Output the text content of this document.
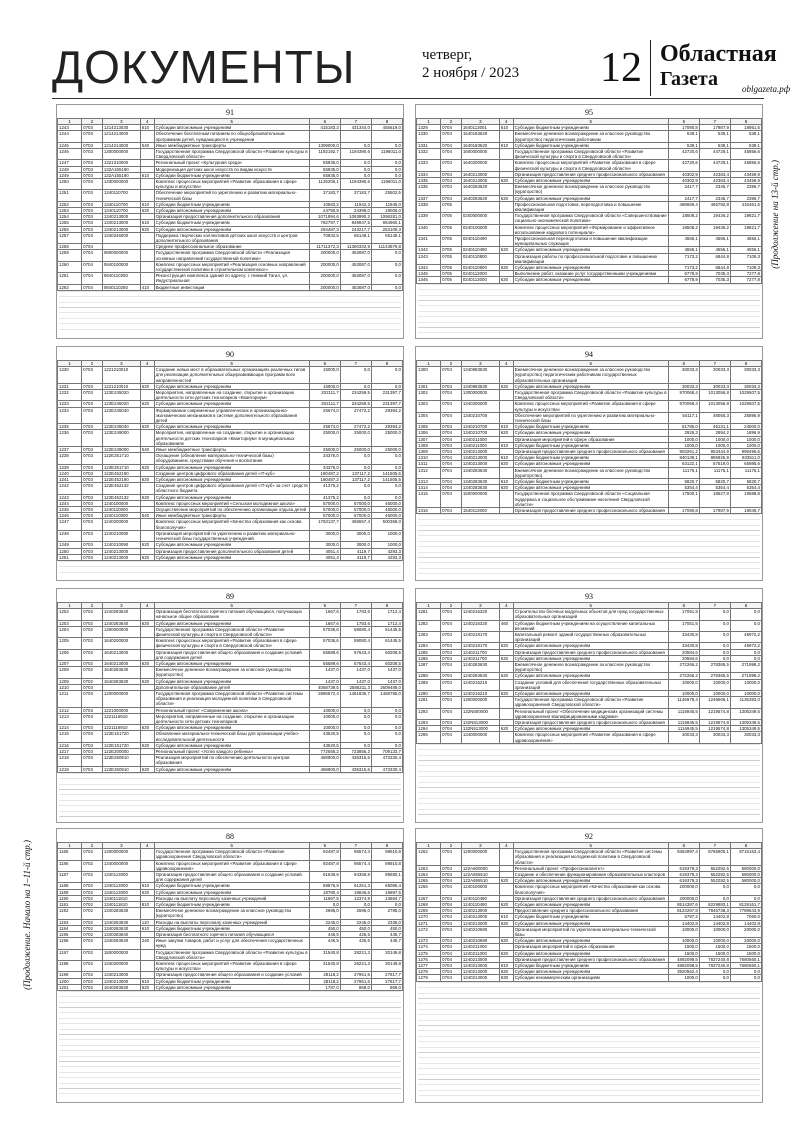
ДОКУМЕНТЫ	четверг,
2 ноября / 2023 12 Областная
Газета	oblgazeta.рф
(Продолжение на 13-й стр.)
(Продолжение. Начало на 1–11-й стр.)
91
1	2	3	4	5	6	7	8
1243	0703	1214213030	610	Субсидии автономным учреждениям	415183,3	431344,0	455619,0
1244	0703	1214214000		Обеспечение бесплатным питанием по общеобразовательным программам детей, нуждающихся в учреждении			
1245	0703	1214214000	540	Иные межбюджетные трансферты	1309000,0	0,0	0,0
1246	0703	1300000000		Государственная программа Свердловской области «Развитие культуры в Свердловской области»	1182192,7	1194390,6	1196011,0
1247	0703	1321310000		Региональный проект «Культурная среда»	55935,0	0,0	0,0
1248	0703	132A155190		Модернизация детских школ искусств по видам искусств	55935,0	0,0	0,0
1249	0703	132A155190	610	Субсидии бюджетным учреждениям	55935,0	0,0	0,0
1250	0703	1330000000		Комплекс процессных мероприятий «Развитие образования в сфере культуры и искусства»	1125206,1	1194390,6	1196011,0
1251	0703	1340110700		Обеспечение мероприятий по укреплению и развитию материально-технической базы	37183,7	37183,7	25502,5
1252	0703	1340110700	610	Субсидии бюджетным учреждениям	10583,2	11942,3	11945,0
1253	0703	1340110700	620	Субсидии автономным учреждениям	24790,9	24398,0	18006,0
1254	0703	1340213000		Организация предоставления дополнительного образования	1071994,6	1093990,2	1098281,0
1255	0703	1340213000	610	Субсидии бюджетным учреждениям	782797,7	849947,5	854960,1
1256	0703	1340213000	620	Субсидии автономным учреждениям	294487,3	243217,7	253109,3
1257	0703	1340246000		Поддержка творческих коллективов детских школ искусств и центров дополнительного образования	70832,5	65148,1	65148,1
1258	0704			Среднее профессиональное образование	11711372,3	11360332,9	11143879,8
1259	0704	0800000000		Государственная программа Свердловской области «Реализация основных направлений государственной политики»	200000,0	453087,0	0,0
1260	0704	0840100000		Комплекс процессных мероприятий «Реализация основных направлений государственной политики в строительном комплексе»	200000,0	453087,0	0,0
1261	0704	0840110250		Реконструкция комплекса зданий по адресу: г. Нижний Тагил, ул. Индустриальная	200000,0	453087,0	0,0
1262	0704	0840110250	410	Бюджетные инвестиции	200000,0	453087,0	0,0
95
1	2	3	4	5	6	7	8
1329	0704	1640113001	610	Субсидии бюджетным учреждениям	17090,8	17987,9	18951,5
1330	0704	1540183620		Ежемесячное денежное вознаграждение за классное руководство (кураторство) педагогическим работникам	539,1	539,1	539,1
1331	0704	1540183620	610	Субсидии бюджетным учреждениям	539,1	539,1	539,1
1332	0704	1600000000		Государственная программа Свердловской области «Развитие физической культуры и спорта в Свердловской области»	42720,6	44729,1	45856,6
1333	0704	1640200000		Комплекс процессных мероприятий «Развитие образования в сфере физической культуры и спорта в Свердловской области»	42720,6	44729,1	45856,6
1334	0704	1640213000		Организация предоставления среднего профессионального образования	40302,9	42383,4	43459,9
1335	0704	1640213000	620	Субсидии автономным учреждениям	40302,9	42383,4	43459,9
1336	0704	1640283620		Ежемесячное денежное вознаграждение за классное руководство (кураторство)	2417,7	2345,7	2396,7
1337	0704	1640283620	620	Субсидии автономным учреждениям	2417,7	2345,7	2396,7
1338	0705			Профессиональная подготовка, переподготовка и повышение квалификации	489659,4	465792,8	415461,6
1339	0705	0200000000		Государственная программа Свердловской области «Совершенствование социально-экономической политики»	18508,2	19436,2	19821,7
1340	0705	0240100000		Комплекс процессных мероприятий «Формирование и эффективное использование кадрового потенциала»	18508,2	19436,2	19821,7
1341	0705	0240110490		Профессиональная переподготовка и повышение квалификации муниципальных служащих	4556,1	4556,1	4556,1
1342	0705	0240110490	620	Субсидии автономным учреждениям	4556,1	4556,1	4556,1
1343	0705	0240110800		Организация работы по профессиональной подготовке и повышению квалификации	7173,2	6844,8	7109,3
1344	0705	0240110800	620	Субсидии автономным учреждениям	7173,2	6844,8	7109,3
1345	0705	0240113000		Выполнение работ, оказание услуг государственными учреждениями	6778,9	7035,3	7277,8
1346	0705	0240113000	620	Субсидии автономным учреждениям	6778,9	7035,3	7277,8
90
1	2	3	4	5	6	7	8
1230	0703	1221210010		Создание новых мест в образовательных организациях различных типов для реализации дополнительных общеразвивающих программ всех направленностей	15000,0	0,0	0,0
1231	0703	1221210010	620	Субсидии автономным учреждениям	15000,0	0,0	0,0
1232	0703	122E245020		Мероприятия, направленные на создание, открытие и организацию деятельности сети детских технопарков «Кванториум»	202111,7	234259,5	231397,7
1233	0703	122E245020	620	Субсидии автономным учреждениям	202111,7	234259,5	231397,7
1234	0703	122E245040		Формирование современных управленческих и организационно-экономических механизмов в системе дополнительного образования детей	25674,0	27472,2	29394,2
1235	0703	122E245040	620	Субсидии автономным учреждениям	25674,0	27472,2	29394,2
1236	0703	122E249000		Мероприятия, направленные на создание, открытие и организацию деятельности детских технопарков «Кванториум» в муниципальных образованиях	25000,0	25000,0	25000,0
1237	0703	122E249000	540	Иные межбюджетные трансферты	25000,0	25000,0	25000,0
1238	0703	122E251710		Оснащение (обновление материально-технической базы) оборудованием, средствами обучения и воспитания	34376,0	0,0	0,0
1239	0703	122E251710	620	Субсидии автономным учреждениям	34376,0	0,0	0,0
1240	0703	122E452190		Создание центров цифрового образования детей «IT-куб»	180487,2	137117,2	141505,5
1241	0703	122E452190	620	Субсидии автономным учреждениям	180487,2	137117,2	141505,5
1242	0703	122E452132		Создание центров цифрового образования детей «IT-куб» за счет средств областного бюджета	41375,2	0,0	0,0
1243	0703	122E452132	620	Субсидии автономным учреждениям	41375,2	0,0	0,0
1244	0703	1240100000		Комплекс процессных мероприятий «Сельская молодежная школа»	57000,0	57000,0	46000,0
1245	0703	1240110000		Осуществление мероприятий по обеспечению организации отдыха детей	57000,0	57000,0	46000,0
1246	0703	1240110000	540	Иные межбюджетные трансферты	57000,0	57000,0	46000,0
1247	0703	1240200000		Комплекс процессных мероприятий «Качество образования как основа благополучия»	1763137,7	465557,4	500368,0
1248	0703	1240210090		Организация мероприятий по укреплению и развитию материально-технической базы государственных учреждений	3000,0	3000,0	1000,0
1249	0703	1240210090	620	Субсидии автономным учреждениям	3000,0	3000,0	1000,0
1250	0703	1240213000		Организация предоставления дополнительного образования детей	4051,4	4119,7	4293,3
1251	0703	1240213000	620	Субсидии автономным учреждениям	4051,4	4119,7	4293,3
94
1	2	3	4	5	6	7	8
1300	0704	1340983630		Ежемесячное денежное вознаграждение за классное руководство (кураторство) педагогическим работникам государственных образовательных организаций	30033,3	30033,3	30033,3
1301	0704	1340983630	620	Субсидии автономным учреждениям	30033,3	30033,3	30033,3
1302	0704	1300000000		Государственная программа Свердловской области «Развитие культуры в Свердловской области»	970068,4	1013056,8	1029507,5
1303	0704	1340200000		Комплекс процессных мероприятий «Развитие образования в сфере культуры и искусства»	970068,4	1013056,8	1029507,5
1304	0704	1340210700		Обеспечение мероприятий по укреплению и развитию материально-технической базы	54117,1	48055,3	25896,9
1305	0704	1340210700	610	Субсидии бюджетным учреждениям	51785,0	45131,1	24000,0
1306	0704	1340210700	620	Субсидии автономным учреждениям	2926,3	2894,2	1896,9
1307	0704	1340211000		Организация мероприятий в сфере образования	1000,0	1000,0	1000,0
1308	0704	1340211000	610	Субсидии бюджетным учреждениям	1000,0	1000,0	1000,0
1309	0704	1340213000		Организация предоставления среднего профессионального образования	903261,2	953444,9	999496,6
1310	0704	1340213000	610	Субсидии бюджетным учреждениям	840139,1	895925,9	933511,0
1311	0704	1340213000	620	Субсидии автономным учреждениям	63122,1	57519,0	65985,6
1312	0704	1340283630		Ежемесячное денежное вознаграждение за классное руководство (кураторство)	11175,1	11175,1	11175,1
1313	0704	1340283630	610	Субсидии бюджетным учреждениям	5820,7	5820,7	5820,7
1314	0704	1340283630	620	Субсидии автономным учреждениям	5354,4	5354,4	5354,4
1315	0704	1500000000		Государственная программа Свердловской области «Социальная поддержка и социальное обслуживание населения Свердловской области»	17500,1	18527,8	19588,8
1316	0704	1540113000		Организация предоставления среднего профессионального образования	17090,8	17987,9	19049,7
89
1	2	3	4	5	6	7	8
1202	0702	1240283640		Организация бесплатного горячего питания обучающихся, получающих начальное общее образование	1667,6	1783,6	1712,4
1203	0702	1240283640	620	Субсидии автономным учреждениям	1667,6	1783,6	1712,4
1204	0702	1300000000		Государственная программа Свердловской области «Развитие физической культуры и спорта в Свердловской области»	57036,6	59080,4	61445,5
1205	0702	1640200000		Комплекс процессных мероприятий «Развитие образования в сфере физической культуры и спорта в Свердловской области»	57036,6	59080,4	61445,5
1206	0702	1640213000		Организация предоставления общего образования и создание условий для содержания детей	55589,6	57643,4	60208,5
1207	0702	1640213000	620	Субсидии автономным учреждениям	55589,6	57643,4	60208,5
1208	0702	1640283630		Ежемесячное денежное вознаграждение за классное руководство (кураторство)	1437,0	1437,0	1437,0
1209	0702	1640283630	620	Субсидии автономным учреждениям	1437,0	1437,0	1437,0
1210	0703			Дополнительное образование детей	4068739,5	2586211,3	2609488,0
1211	0703	1200000000		Государственная программа Свердловской области «Развитие системы образования и реализация молодежной политики в Свердловской области»	2886672,4	1481836,7	1458795,0
1212	0703	1221000000		Региональный проект «Современная школа»	10000,0	0,0	0,0
1213	0703	1221116910		Мероприятия, направленные на создание, открытие и организацию деятельности сети детских технопарков	10000,0	0,0	0,0
1214	0703	1221116910	620	Субсидии автономным учреждениям	10000,0	0,0	0,0
1215	0703	122E151720		Обновление материально-технической базы для организации учебно-исследовательской деятельности	43520,5	0,0	0,0
1216	0703	122E151720	620	Субсидии автономным учреждениям	43520,5	0,0	0,0
1217	0703	122E200000		Региональный проект «Успех каждого ребенка»	772555,2	723856,2	709133,7
1218	0703	122E250910		Реализация мероприятий по обеспечению деятельности центров образования	469900,0	435315,6	473330,4
1219	0703	122E250910	620	Субсидии автономным учреждениям	469900,0	435315,6	473330,4
93
1	2	3	4	5	6	7	8
1281	0704	1240216320		Строительство блочных модульных объектов для нужд государственных образовательных организаций	17051,5	0,0	0,0
1282	0704	1240216320	460	Субсидии бюджетным учреждениям на осуществление капитальных вложений	17051,5	0,0	0,0
1283	0704	1240218170		Капитальный ремонт зданий государственных образовательных организаций	33430,8	0,0	45972,2
1284	0704	1240218170	620	Субсидии автономным учреждениям	33430,8	0,0	45972,2
1285	0704	1240211700		Организация предоставления среднего профессионального образования	20584,6	0,0	0,0
1286	0704	1240211700	620	Субсидии автономным учреждениям	20584,6	0,0	0,0
1287	0704	1240283630		Ежемесячное денежное вознаграждение за классное руководство (кураторство)	272266,2	278365,5	271998,2
1288	0704	1240283630	620	Субсидии автономным учреждениям	272266,2	278365,5	271998,2
1289	0704	1240216210		Создание условий для обеспечения государственных образовательных организаций	10000,0	10000,0	10000,0
1290	0704	1240216210	620	Субсидии автономным учреждениям	10000,0	10000,0	10000,0
1291	0704	1300000000		Государственная программа Свердловской области «Развитие здравоохранения Свердловской области»	1146678,4	1249668,1	1135383,0
1292	0704	132N500000		Региональный проект «Обеспечение медицинских организаций системы здравоохранения квалифицированными кадрами»	1116945,5	1219574,8	1305349,5
1293	0704	132N513000		Организация предоставления среднего профессионального образования	1116945,5	1219574,8	1305349,5
1294	0704	132N513000	620	Субсидии автономным учреждениям	1116945,5	1219574,8	1305349,5
1295	0704	1340000000		Комплекс процессных мероприятий «Развитие образования в сфере здравоохранения»	30033,3	30033,3	30033,3
88
1	2	3	4	5	6	7	8
1185	0702	1300000000		Государственная программа Свердловской области «Развитие здравоохранения Свердловской области»	92487,8	95574,4	98910,8
1186	0702	1340000000		Комплекс процессных мероприятий «Развитие образования в сфере здравоохранения»	92487,8	95574,4	98910,8
1187	0702	1340113000		Организация предоставления общего образования и создание условий для содержания детей	91639,6	94358,8	95680,1
1188	0702	1340113000	610	Субсидии бюджетным учреждениям	58876,9	61251,3	65086,4
1189	0702	1340113000	620	Субсидии автономным учреждениям	18780,4	18846,6	16897,5
1190	0702	1340111810		Расходы на выплату персоналу казенных учреждений	11667,5	12374,9	13684,7
1191	0702	1340111810	810	Субсидии бюджетным учреждениям	0,0	0,0	0,0
1192	0702	1340283630		Ежемесячное денежное вознаграждение за классное руководство (кураторство)	2695,0	2695,0	2785,0
1193	0702	1340283630	110	Расходы на выплаты персоналу казенных учреждений	2245,0	2245,0	2335,0
1194	0702	1340283630	610	Субсидии бюджетным учреждениям	450,0	450,0	450,0
1195	0702	1340283640		Организация бесплатного горячего питания обучающихся	446,5	426,5	445,7
1196	0702	1340283640	240	Иные закупки товаров, работ и услуг для обеспечения государственных нужд	446,5	426,5	445,7
1197	0702	1500000000		Государственная программа Свердловской области «Развитие культуры в Свердловской области»	31540,8	28221,3	30149,8
1198	0702	1340200000		Комплекс процессных мероприятий «Развитие образования в сфере культуры и искусства»	31540,8	28221,3	30149,8
1199	0702	1340213000		Организация предоставления общего образования и создание условий	28118,2	27951,6	27617,7
1200	0702	1340213000	610	Субсидии бюджетным учреждениям	28118,2	27951,6	27617,7
1201	0702	1640283630	620	Субсидии автономным учреждениям	1787,0	869,0	869,0
92
1	2	3	4	5	6	7	8
1262	0704	1200000000		Государственная программа Свердловской области «Развитие системы образования и реализация молодежной политики в Свердловской области»	9354997,4	8765900,1	8715163,4
1263	0704	122A600000		Региональный проект «Профессионалитет»	619379,3	552292,5	580000,0
1264	0704	122A655510		Создание и обеспечение функционирования образовательных кластеров	619379,3	552292,5	580000,0
1265	0704	122A655510	620	Субсидии автономным учреждениям	619379,3	552292,5	580000,0
1266	0704	1240100000		Комплекс процессных мероприятий «Качество образования как основа благополучия»	200000,0	0,0	0,0
1267	0704	1240110490		Организация предоставления среднего профессионального образования	200000,0	0,0	0,0
1268	0704	1240110490	620	Субсидии автономным учреждениям	8514387,6	8229883,1	8129161,7
1269	0704	1240213000		Предоставление среднего профессионального образования	8124267,8	7845738,3	7789543,9
1270	0704	1240213000	610	Субсидии бюджетным учреждениям	5797,2	14402,8	7060,0
1271	0704	1240213000	620	Субсидии автономным учреждениям	14402,8	14402,8	14402,8
1272	0704	1240210690		Организация мероприятий по укреплению материально-технической базы	10000,0	10000,0	20000,0
1273	0704	1240210690	620	Субсидии автономным учреждениям	10000,0	10000,0	20000,0
1274	0704	1240211000		Организация мероприятий в сфере образования	1500,0	1500,0	1500,0
1275	0704	1240211000	620	Субсидии автономным учреждениям	1500,0	1500,0	1500,0
1276	0704	1240213000		Организация предоставления среднего профессионального образования	4892098,5	7837240,8	7680560,1
1277	0704	1240213000	610	Субсидии бюджетным учреждениям	4892098,5	7837240,8	7680560,1
1278	0704	1240213000	620	Субсидии автономным учреждениям	3920562,4	0,0	0,0
1279	0704	1240213000	630	Субсидии некоммерческим организациям	1000,0	0,0	0,0
